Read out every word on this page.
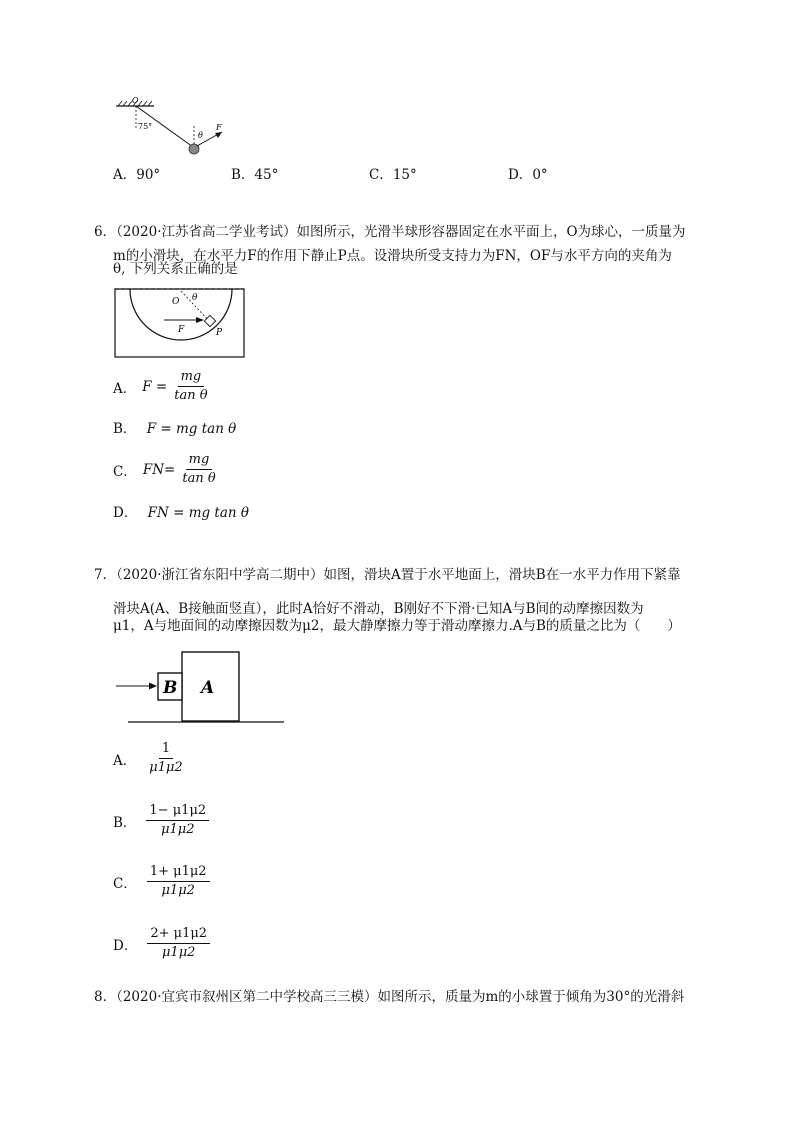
O
75°
θ
F
A．90°	B．45°	C．15°	D．0°
6．（2020·江苏省高二学业考试）如图所示，光滑半球形容器固定在水平面上，O为球心，一质量为
m的小滑块，在水平力F的作用下静止P点。设滑块所受支持力为FN，OF与水平方向的夹角为
θ, 下列关系正确的是
O θ
F	P
A． $F = \frac{mg}{\text{tan θ}}$
B． F = mg tan θ
C． $FN= \frac{mg}{\text{tan θ}}$
D． FN = mg tan θ
7．（2020·浙江省东阳中学高二期中）如图，滑块A置于水平地面上，滑块B在一水平力作用下紧靠
滑块A(A、B接触面竖直），此时A恰好不滑动，B刚好不下滑·已知A与B间的动摩擦因数为
μ1，A与地面间的动摩擦因数为μ2，最大静摩擦力等于滑动摩擦力.A与B的质量之比为（　　）
B A
A． $\frac{1}{\mu 1\mu 2}$
B． $\frac{1- \mu 1\mu 2}{\mu 1\mu 2}$
C． $\frac{1+ \mu 1\mu 2}{\mu 1\mu 2}$
D． $\frac{2+ \mu 1\mu 2}{\mu 1\mu 2}$
8．（2020·宜宾市叙州区第二中学校高三三模）如图所示，质量为m的小球置于倾角为30°的光滑斜
